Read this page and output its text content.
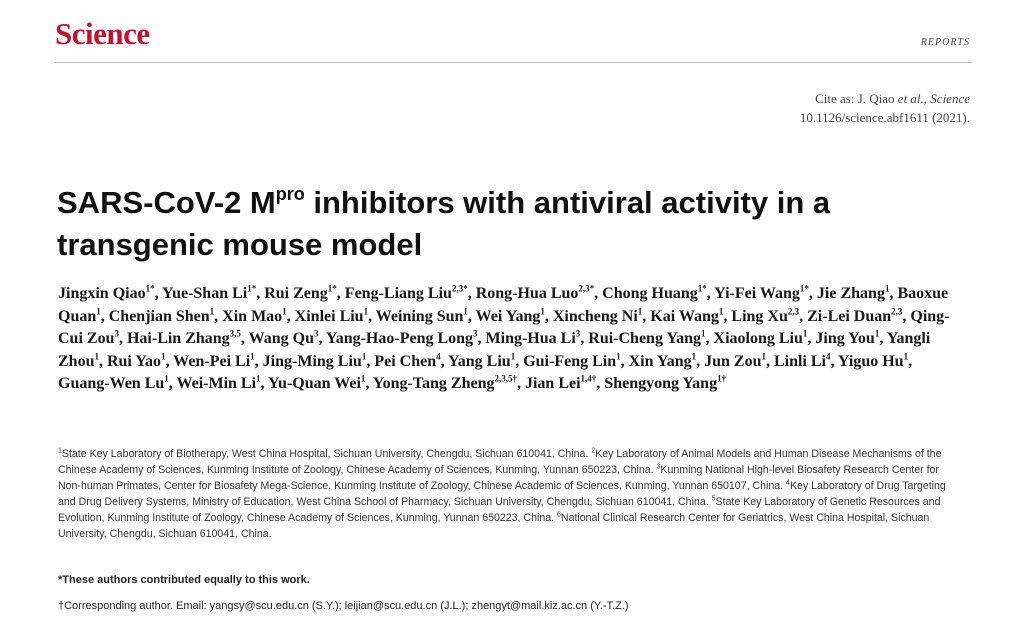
Science	REPORTS
Cite as: J. Qiao et al., Science
10.1126/science.abf1611 (2021).
SARS-CoV-2 $M^{pro}$ inhibitors with antiviral activity in a transgenic mouse model
Jingxin Qiao$^{1*}$, Yue-Shan $Li^{1*}$, Rui Zeng$^{1*}$, Feng-Liang Liu$^{2,3*}$, Rong-Hua Luo$^{2,3*}$, Chong Huang$^{1*}$, Yi-Fei Wang$^{1*}$, Jie Zhang$^1$, Baoxue Quan$^1$, Chenjian Shen$^1$, Xin Mao$^1$, Xinlei Liu$^1$, Weining Sun$^1$, Wei Yang$^1$, Xincheng Ni$^1$, Kai Wang$^1$, Ling Xu$^{2,3}$, Zi-Lei Duan$^{2,3}$, Qing-Cui Zou$^3$, Hai-Lin Zhang$^{3,5}$, Wang Qu$^3$, Yang-Hao-Peng Long$^3$, Ming-Hua Li$^3$, Rui-Cheng Yang$^1$, Xiaolong Liu$^1$, Jing You$^1$, Yangli Zhou$^1$, Rui Yao$^1$, Wen-Pei Li$^1$, Jing-Ming Liu$^1$, Pei Chen$^4$, Yang Liu$^1$, Gui-Feng Lin$^1$, Xin Yang$^1$, Jun Zou$^1$, Linli Li$^4$, Yiguo Hu$^1$, Guang-Wen Lu$^1$, Wei-Min Li$^1$, Yu-Quan Wei$^1$, Yong-Tang Zheng$^{2,3,5\dagger}$, Jian Lei$^{1,4\dagger}$, Shengyong Yang$^{1\dagger}$
$^1$State Key Laboratory of Biotherapy, West China Hospital, Sichuan University, Chengdu, Sichuan 610041, China. $^2$Key Laboratory of Animal Models and Human Disease Mechanisms of the Chinese Academy of Sciences, Kunming Institute of Zoology, Chinese Academy of Sciences, Kunming, Yunnan 650223, China. $^3$Kunming National High-level Biosafety Research Center for Non-human Primates, Center for Biosafety Mega-Science, Kunming Institute of Zoology, Chinese Academic of Sciences, Kunming, Yunnan 650107, China. $^4$Key Laboratory of Drug Targeting and Drug Delivery Systems, Ministry of Education, West China School of Pharmacy, Sichuan University, Chengdu, Sichuan 610041, China. $^5$State Key Laboratory of Genetic Resources and Evolution, Kunming Institute of Zoology, Chinese Academy of Sciences, Kunming, Yunnan 650223, China. $^6$National Clinical Research Center for Geriatrics, West China Hospital, Sichuan University, Chengdu, Sichuan 610041, China.
*These authors contributed equally to this work.
†Corresponding author. Email: yangsy@scu.edu.cn (S.Y.); leijian@scu.edu.cn (J.L.); zhengyt@mail.kiz.ac.cn (Y.-T.Z.)
